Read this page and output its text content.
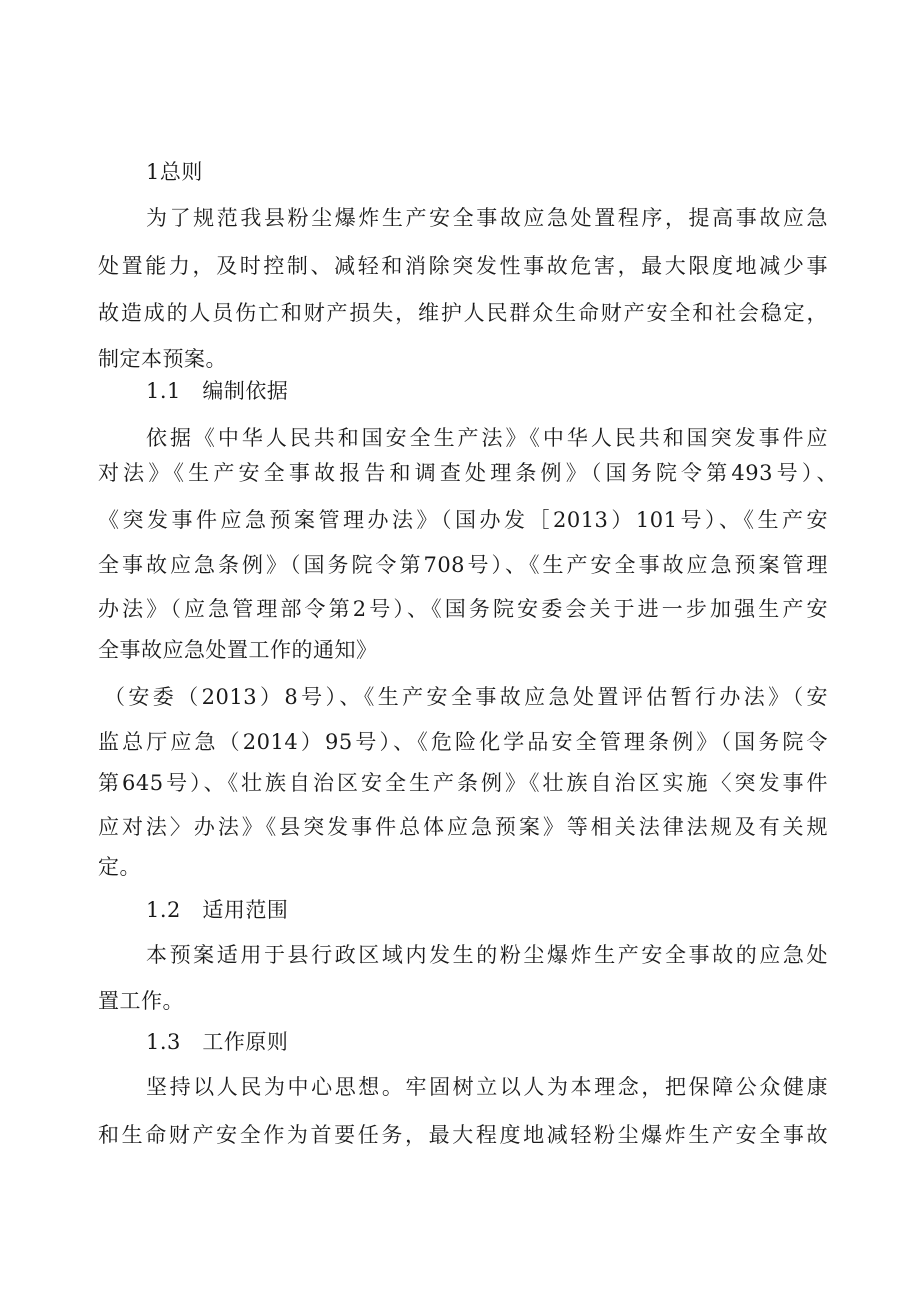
1总则
为了规范我县粉尘爆炸生产安全事故应急处置程序，提高事故应急
处置能力，及时控制、减轻和消除突发性事故危害，最大限度地减少事
故造成的人员伤亡和财产损失，维护人民群众生命财产安全和社会稳定，
制定本预案。
1.1　编制依据
依据《中华人民共和国安全生产法》《中华人民共和国突发事件应
对法》《生产安全事故报告和调查处理条例》（国务院令第493号）、
《突发事件应急预案管理办法》（国办发［2013）101号）、《生产安
全事故应急条例》（国务院令第708号）、《生产安全事故应急预案管理
办法》（应急管理部令第2号）、《国务院安委会关于进一步加强生产安
全事故应急处置工作的通知》
（安委（2013）8号）、《生产安全事故应急处置评估暂行办法》（安
监总厅应急（2014）95号）、《危险化学品安全管理条例》（国务院令
第645号）、《壮族自治区安全生产条例》《壮族自治区实施〈突发事件
应对法〉办法》《县突发事件总体应急预案》等相关法律法规及有关规
定。
1.2　适用范围
本预案适用于县行政区域内发生的粉尘爆炸生产安全事故的应急处
置工作。
1.3　工作原则
坚持以人民为中心思想。牢固树立以人为本理念，把保障公众健康
和生命财产安全作为首要任务，最大程度地减轻粉尘爆炸生产安全事故
